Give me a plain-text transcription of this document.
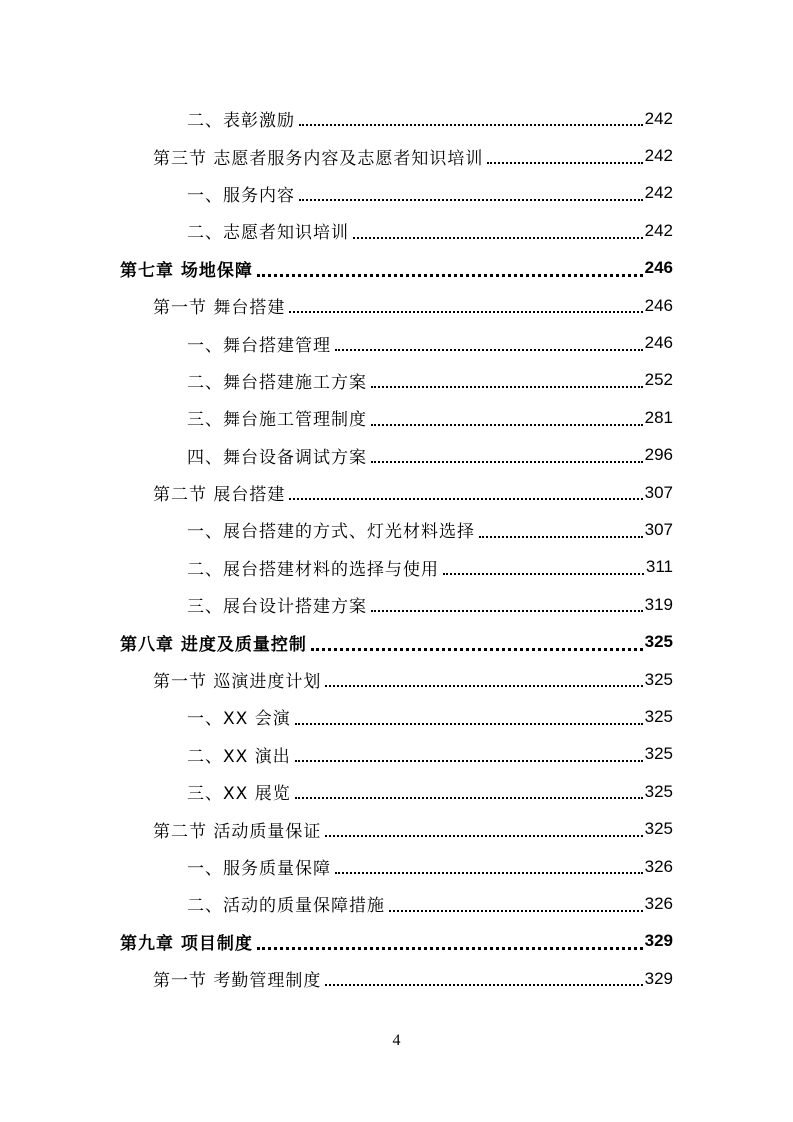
二、表彰激励	242
第三节 志愿者服务内容及志愿者知识培训	242
一、服务内容	242
二、志愿者知识培训	242
第七章 场地保障	246
第一节 舞台搭建	246
一、舞台搭建管理	246
二、舞台搭建施工方案	252
三、舞台施工管理制度	281
四、舞台设备调试方案	296
第二节 展台搭建	307
一、展台搭建的方式、灯光材料选择	307
二、展台搭建材料的选择与使用	311
三、展台设计搭建方案	319
第八章 进度及质量控制	325
第一节 巡演进度计划	325
一、XX 会演	325
二、XX 演出	325
三、XX 展览	325
第二节 活动质量保证	325
一、服务质量保障	326
二、活动的质量保障措施	326
第九章 项目制度	329
第一节 考勤管理制度	329
4
